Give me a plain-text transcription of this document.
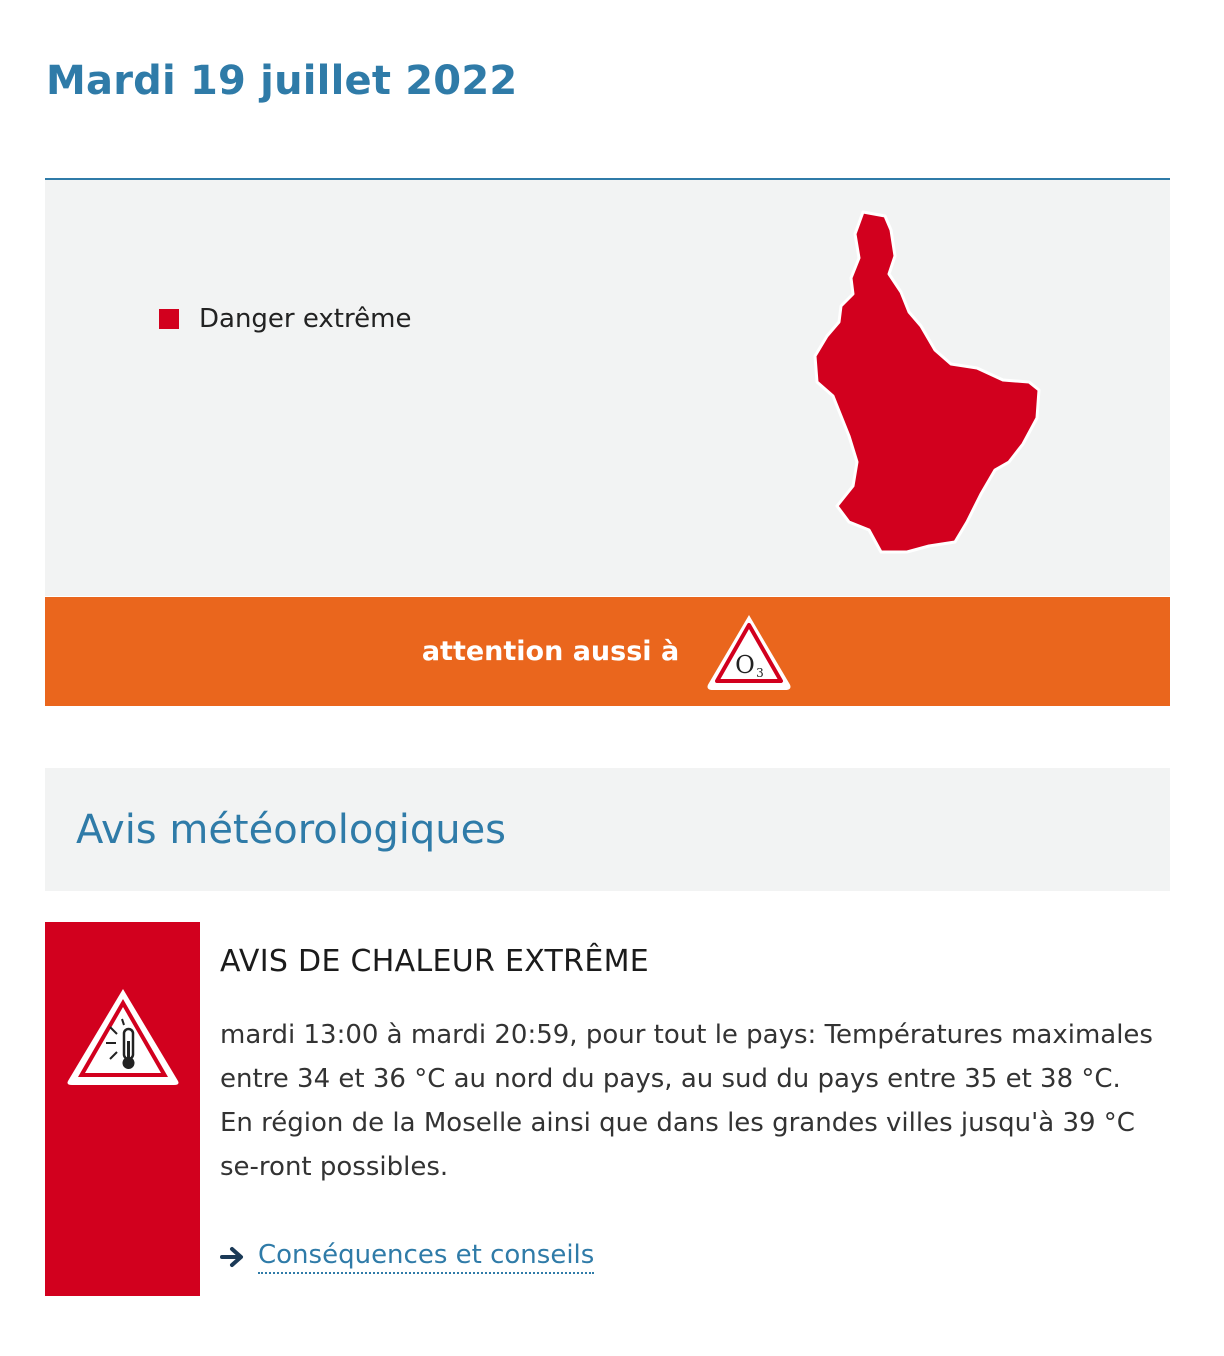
Mardi 19 juillet 2022
Danger extrême
attention aussi à O 3
Avis météorologiques
AVIS DE CHALEUR EXTRÊME

mardi 13:00 à mardi 20:59, pour tout le pays: Températures maximales entre 34 et 36 °C au nord du pays, au sud du pays entre 35 et 38 °C. En région de la Moselle ainsi que dans les grandes villes jusqu'à 39 °C se-ront possibles.

Conséquences et conseils
